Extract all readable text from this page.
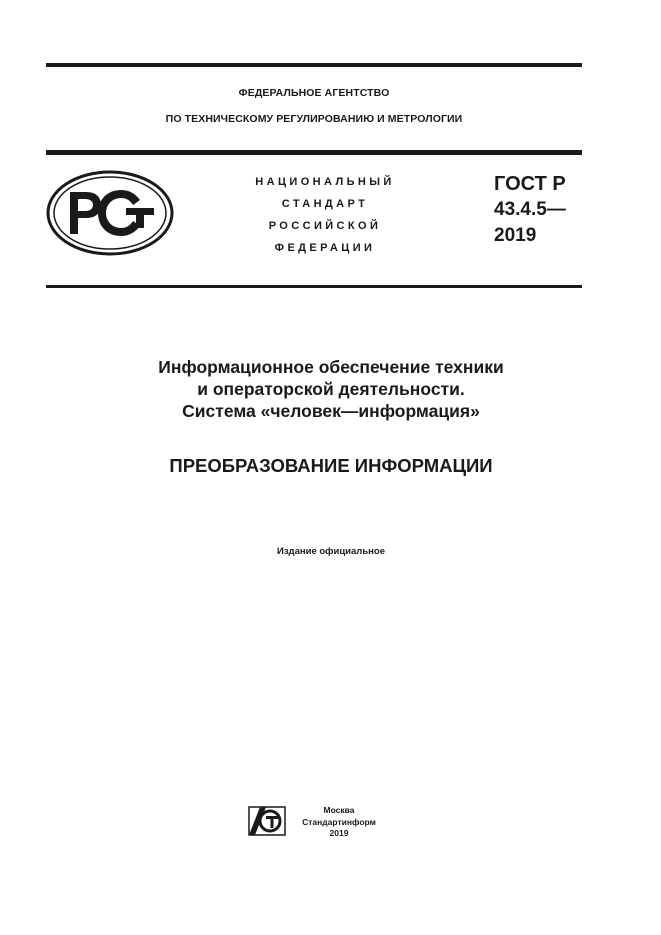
ФЕДЕРАЛЬНОЕ АГЕНТСТВО
ПО ТЕХНИЧЕСКОМУ РЕГУЛИРОВАНИЮ И МЕТРОЛОГИИ
НАЦИОНАЛЬНЫЙ
СТАНДАРТ
РОССИЙСКОЙ
ФЕДЕРАЦИИ
ГОСТ Р
43.4.5—
2019
Информационное обеспечение техники
и операторской деятельности.
Система «человек—информация»
ПРЕОБРАЗОВАНИЕ ИНФОРМАЦИИ
Издание официальное
Москва
Стандартинформ
2019
